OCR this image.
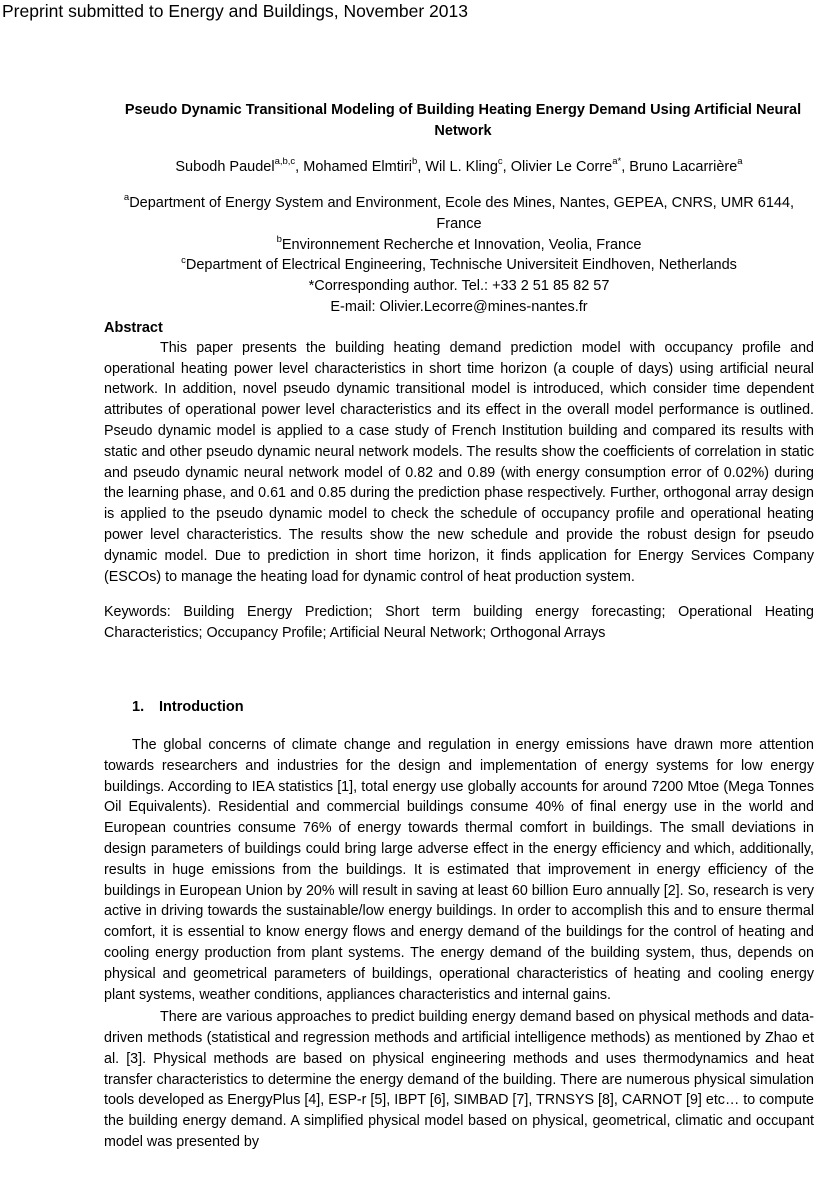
Preprint submitted to Energy and Buildings, November 2013
Pseudo Dynamic Transitional Modeling of Building Heating Energy Demand Using Artificial Neural Network
Subodh Paudel$^{a,b,c}$, Mohamed Elmtiri$^b$, Wil L. Kling$^c$, Olivier Le Corre$^{a*}$, Bruno Lacarrière$^a$
$^a$Department of Energy System and Environment, Ecole des Mines, Nantes, GEPEA, CNRS, UMR 6144, France
$^b$Environnement Recherche et Innovation, Veolia, France
$^c$Department of Electrical Engineering, Technische Universiteit Eindhoven, Netherlands
*Corresponding author. Tel.: +33 2 51 85 82 57
E-mail: Olivier.Lecorre@mines-nantes.fr
Abstract

This paper presents the building heating demand prediction model with occupancy profile and operational heating power level characteristics in short time horizon (a couple of days) using artificial neural network. In addition, novel pseudo dynamic transitional model is introduced, which consider time dependent attributes of operational power level characteristics and its effect in the overall model performance is outlined. Pseudo dynamic model is applied to a case study of French Institution building and compared its results with static and other pseudo dynamic neural network models. The results show the coefficients of correlation in static and pseudo dynamic neural network model of 0.82 and 0.89 (with energy consumption error of 0.02%) during the learning phase, and 0.61 and 0.85 during the prediction phase respectively. Further, orthogonal array design is applied to the pseudo dynamic model to check the schedule of occupancy profile and operational heating power level characteristics. The results show the new schedule and provide the robust design for pseudo dynamic model. Due to prediction in short time horizon, it finds application for Energy Services Company (ESCOs) to manage the heating load for dynamic control of heat production system.

Keywords: Building Energy Prediction; Short term building energy forecasting; Operational Heating Characteristics; Occupancy Profile; Artificial Neural Network; Orthogonal Arrays

1. Introduction

The global concerns of climate change and regulation in energy emissions have drawn more attention towards researchers and industries for the design and implementation of energy systems for low energy buildings. According to IEA statistics [1], total energy use globally accounts for around 7200 Mtoe (Mega Tonnes Oil Equivalents). Residential and commercial buildings consume 40% of final energy use in the world and European countries consume 76% of energy towards thermal comfort in buildings. The small deviations in design parameters of buildings could bring large adverse effect in the energy efficiency and which, additionally, results in huge emissions from the buildings. It is estimated that improvement in energy efficiency of the buildings in European Union by 20% will result in saving at least 60 billion Euro annually [2]. So, research is very active in driving towards the sustainable/low energy buildings. In order to accomplish this and to ensure thermal comfort, it is essential to know energy flows and energy demand of the buildings for the control of heating and cooling energy production from plant systems. The energy demand of the building system, thus, depends on physical and geometrical parameters of buildings, operational characteristics of heating and cooling energy plant systems, weather conditions, appliances characteristics and internal gains.

There are various approaches to predict building energy demand based on physical methods and data-driven methods (statistical and regression methods and artificial intelligence methods) as mentioned by Zhao et al. [3]. Physical methods are based on physical engineering methods and uses thermodynamics and heat transfer characteristics to determine the energy demand of the building. There are numerous physical simulation tools developed as EnergyPlus [4], ESP-r [5], IBPT [6], SIMBAD [7], TRNSYS [8], CARNOT [9] etc… to compute the building energy demand. A simplified physical model based on physical, geometrical, climatic and occupant model was presented by
